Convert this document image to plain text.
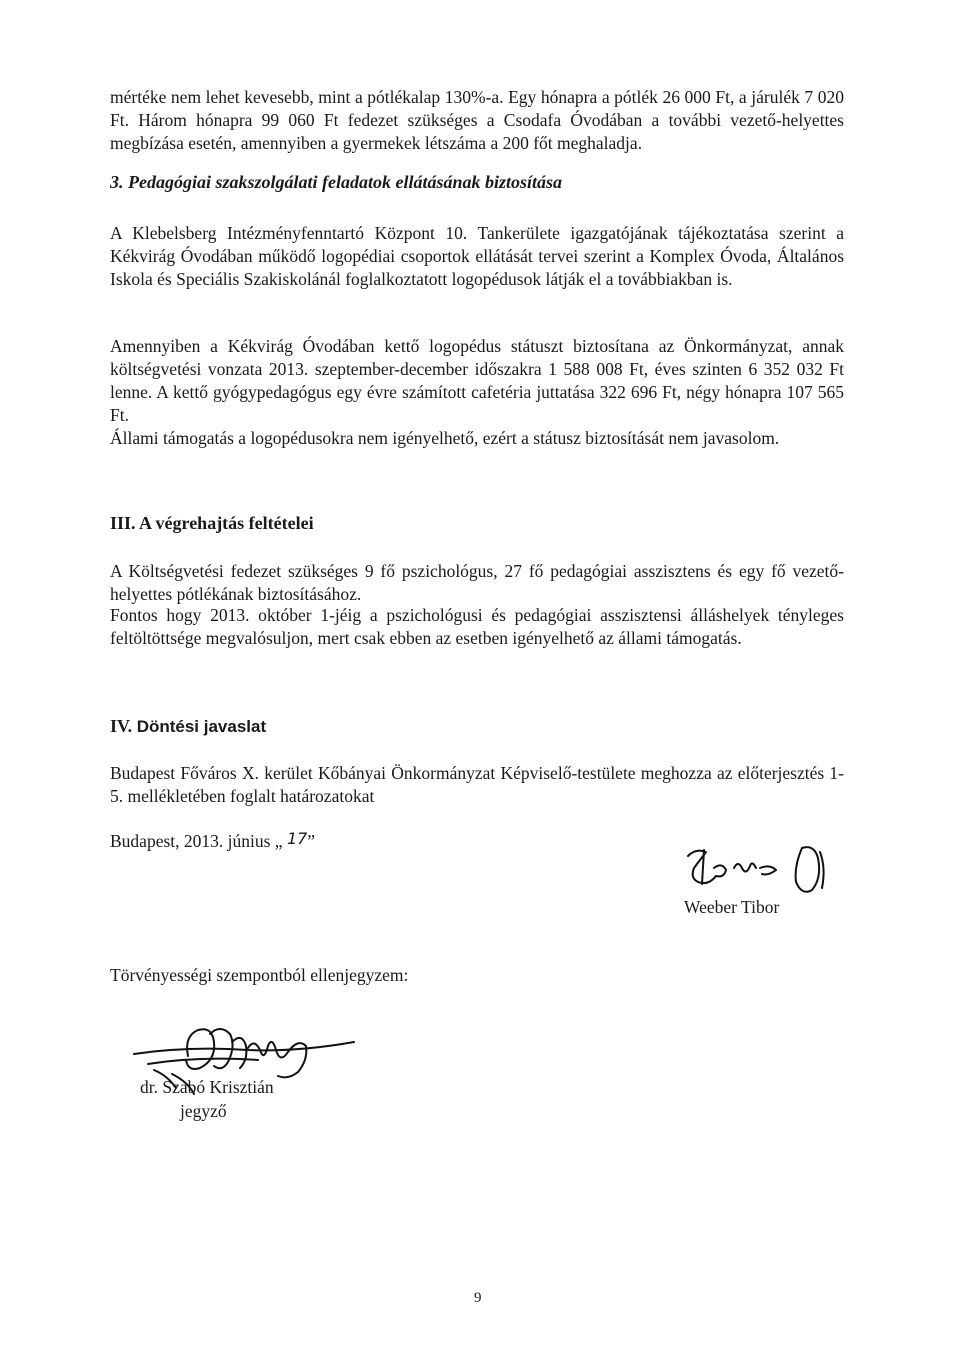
mértéke nem lehet kevesebb, mint a pótlékalap 130%-a. Egy hónapra a pótlék 26 000 Ft, a járulék 7 020 Ft. Három hónapra 99 060 Ft fedezet szükséges a Csodafa Óvodában a további vezető-helyettes megbízása esetén, amennyiben a gyermekek létszáma a 200 főt meghaladja.

3. Pedagógiai szakszolgálati feladatok ellátásának biztosítása

A Klebelsberg Intézményfenntartó Központ 10. Tankerülete igazgatójának tájékoztatása szerint a Kékvirág Óvodában működő logopédiai csoportok ellátását tervei szerint a Komplex Óvoda, Általános Iskola és Speciális Szakiskolánál foglalkoztatott logopédusok látják el a továbbiakban is.

Amennyiben a Kékvirág Óvodában kettő logopédus státuszt biztosítana az Önkormányzat, annak költségvetési vonzata 2013. szeptember-december időszakra 1 588 008 Ft, éves szinten 6 352 032 Ft lenne. A kettő gyógypedagógus egy évre számított cafetéria juttatása 322 696 Ft, négy hónapra 107 565 Ft.

Állami támogatás a logopédusokra nem igényelhető, ezért a státusz biztosítását nem javasolom.

III. A végrehajtás feltételei

A Költségvetési fedezet szükséges 9 fő pszichológus, 27 fő pedagógiai asszisztens és egy fő vezető-helyettes pótlékának biztosításához.

Fontos hogy 2013. október 1-jéig a pszichológusi és pedagógiai asszisztensi álláshelyek tényleges feltöltöttsége megvalósuljon, mert csak ebben az esetben igényelhető az állami támogatás.

IV. Döntési javaslat

Budapest Főváros X. kerület Kőbányai Önkormányzat Képviselő-testülete meghozza az előterjesztés 1-5. mellékletében foglalt határozatokat

Budapest, 2013. június „ 17”
Weeber Tibor
Törvényességi szempontból ellenjegyzem:
dr. Szabó Krisztián
jegyző
9
